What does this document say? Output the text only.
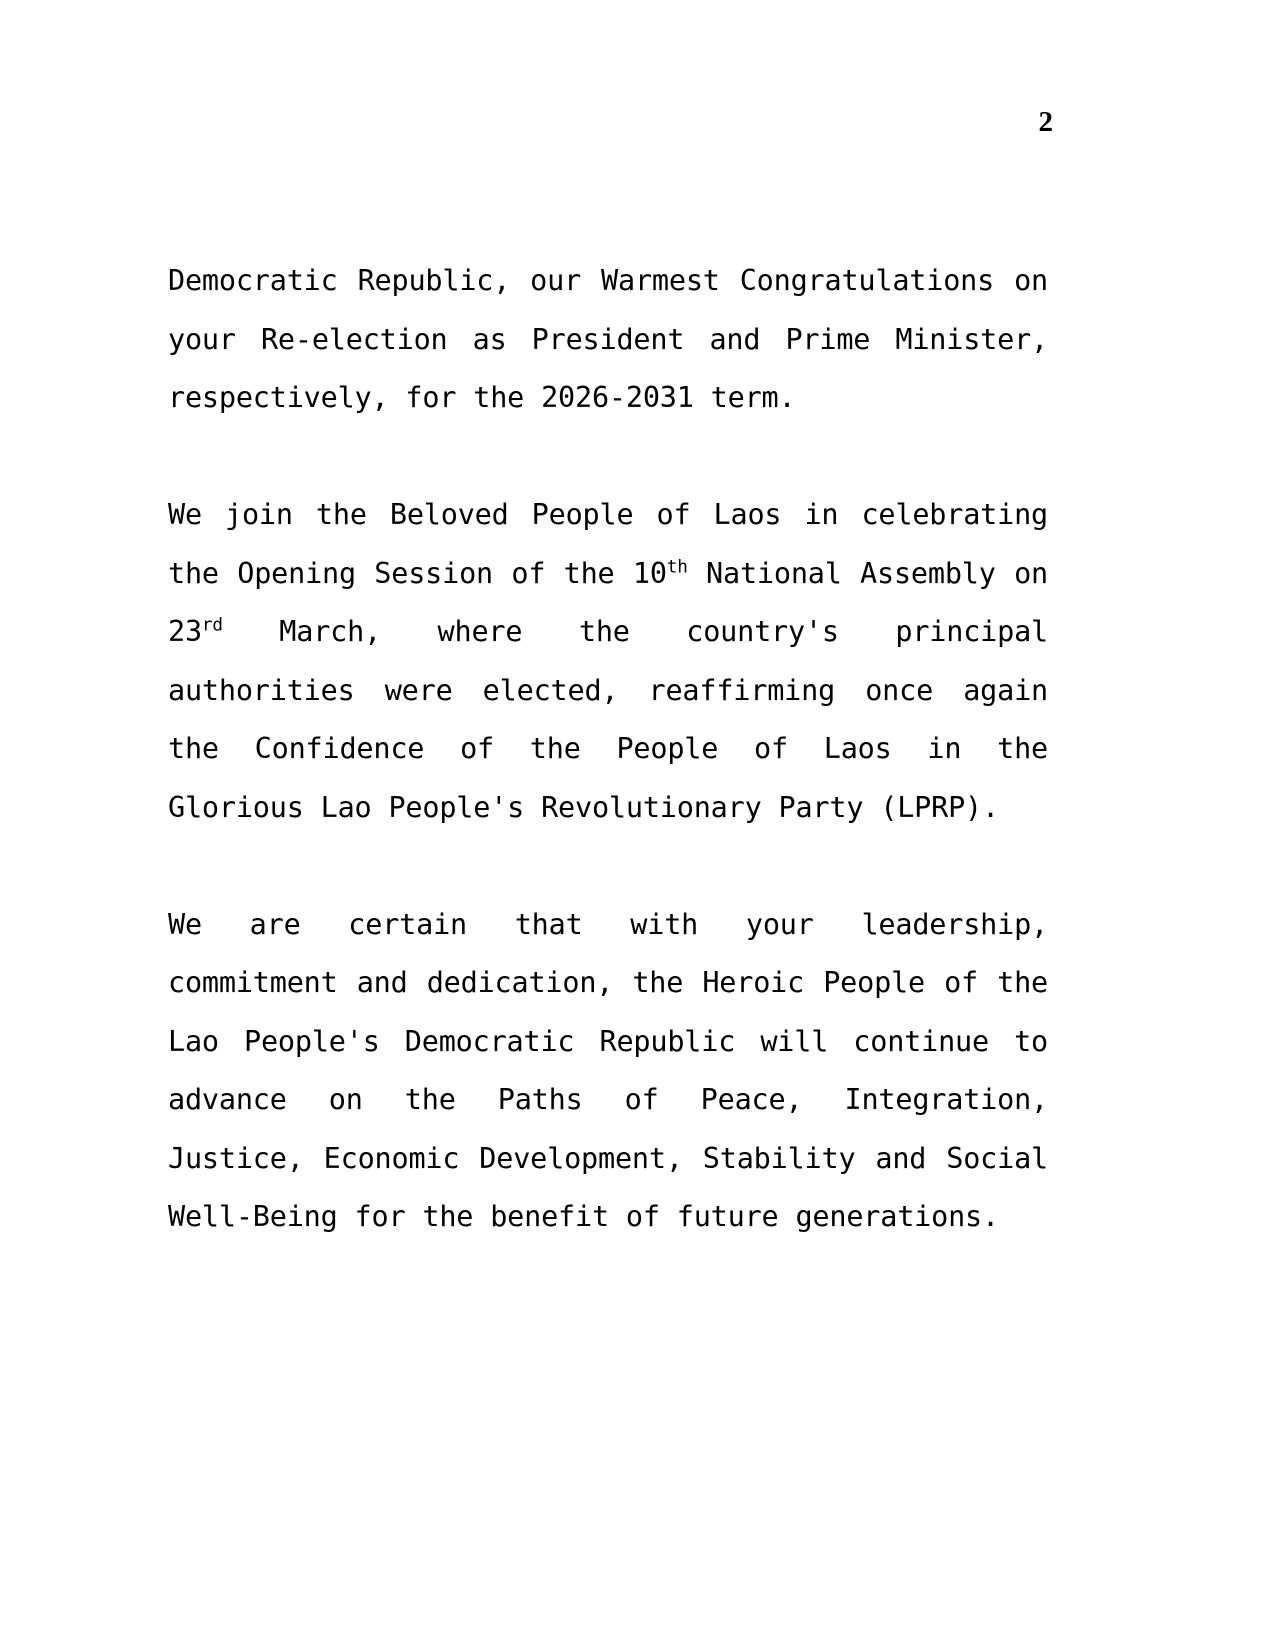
2

Democratic Republic, our Warmest Congratulations on your Re-election as President and Prime Minister, respectively, for the 2026-2031 term.

We join the Beloved People of Laos in celebrating the Opening Session of the 10th National Assembly on 23rd March, where the country's principal authorities were elected, reaffirming once again the Confidence of the People of Laos in the Glorious Lao People's Revolutionary Party (LPRP).

We are certain that with your leadership, commitment and dedication, the Heroic People of the Lao People's Democratic Republic will continue to advance on the Paths of Peace, Integration, Justice, Economic Development, Stability and Social Well-Being for the benefit of future generations.
